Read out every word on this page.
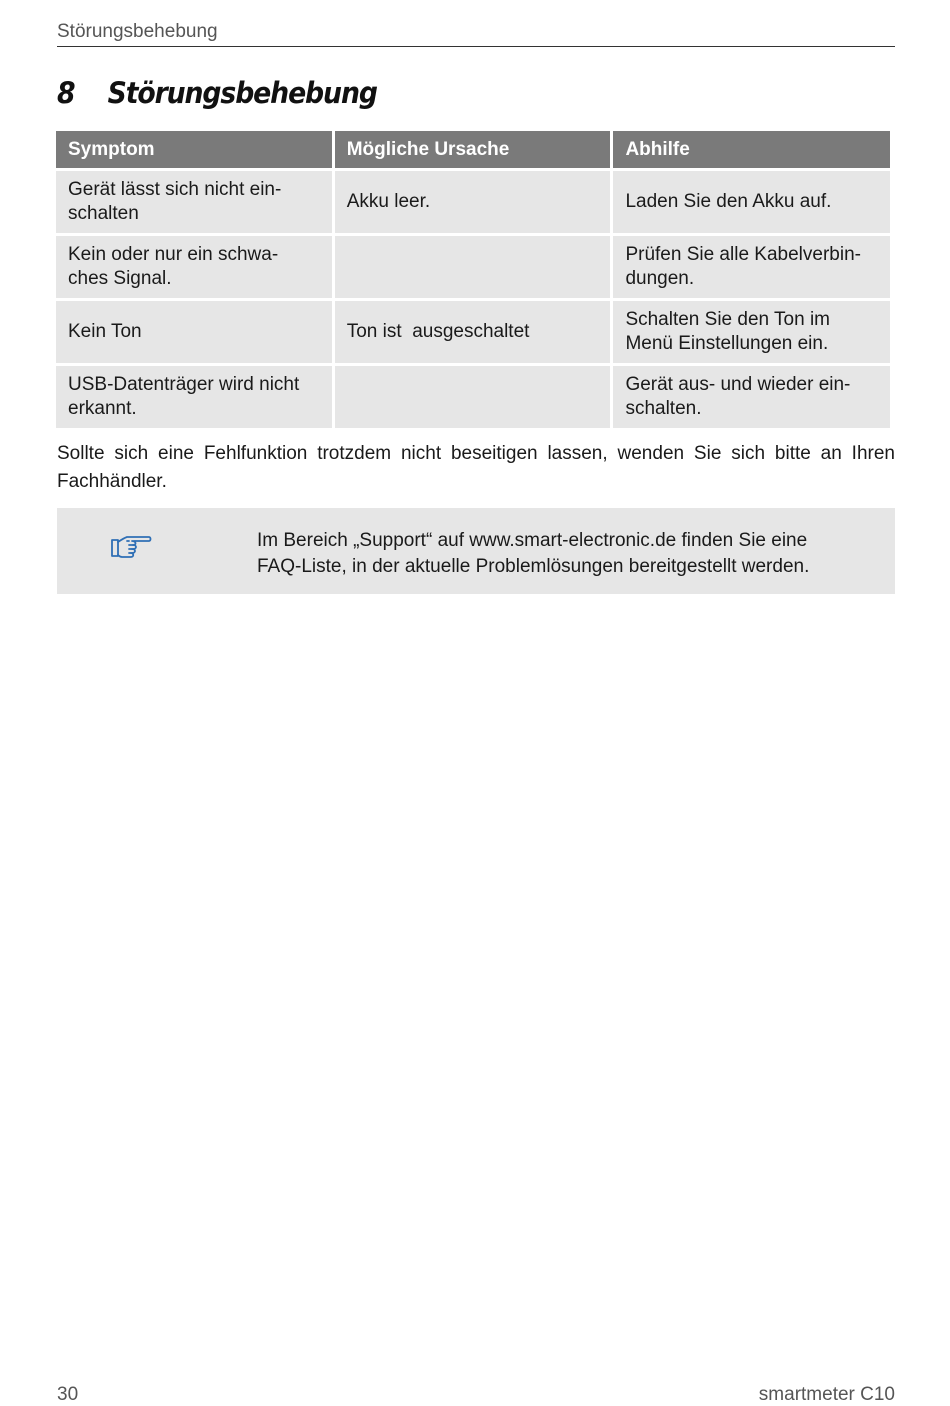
Störungsbehebung
8 Störungsbehebung
Symptom	Mögliche Ursache	Abhilfe
Gerät lässt sich nicht ein-
schalten	Akku leer.	Laden Sie den Akku auf.
Kein oder nur ein schwa-
ches Signal.		Prüfen Sie alle Kabelverbin-
dungen.
Kein Ton	Ton ist  ausgeschaltet	Schalten Sie den Ton im
Menü Einstellungen ein.
USB-Datenträger wird nicht
erkannt.		Gerät aus- und wieder ein-
schalten.

Sollte sich eine Fehlfunktion trotzdem nicht beseitigen lassen, wenden Sie sich bitte an Ihren Fachhändler.

Im Bereich „Support“ auf www.smart-electronic.de finden Sie eine
FAQ-Liste, in der aktuelle Problemlösungen bereitgestellt werden.
30	smartmeter C10
